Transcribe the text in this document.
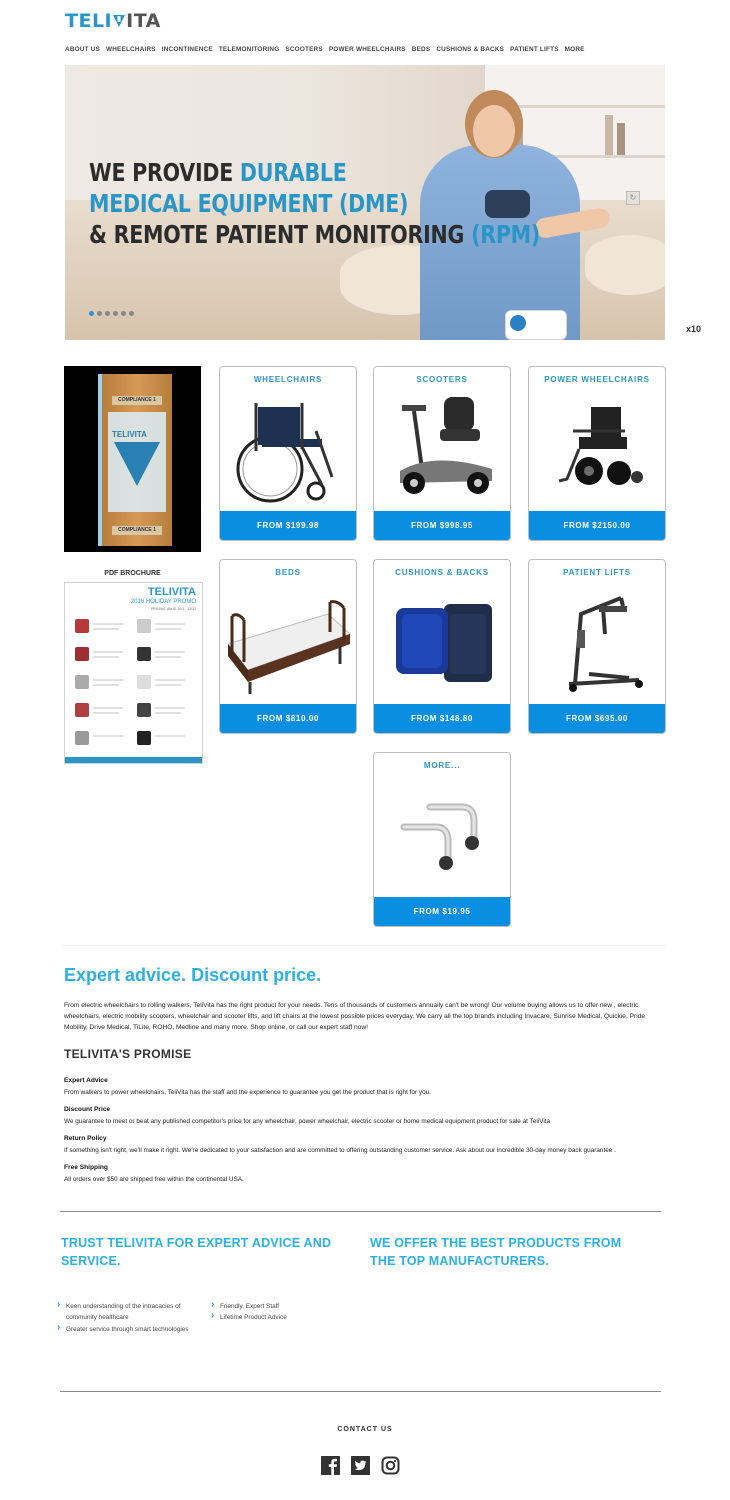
TELI ITA
ABOUT US WHEELCHAIRS INCONTINENCE TELEMONITORING SCOOTERS POWER WHEELCHAIRS BEDS CUSHIONS & BACKS PATIENT LIFTS MORE
WE PROVIDE DURABLE
MEDICAL EQUIPMENT (DME)
& REMOTE PATIENT MONITORING (RPM)
↻
x10
COMPLIANCE 1
TELIVITA
COMPLIANCE 1
PDF BROCHURE
TELIVITA
2016 HOLIDAY PROMO
PRICING VALID 10/1 - 12/31
WHEELCHAIRS
FROM $199.98
SCOOTERS
FROM $998.95
POWER WHEELCHAIRS
FROM $2150.00
BEDS
FROM $810.00
CUSHIONS & BACKS
FROM $148.80
PATIENT LIFTS
FROM $695.00
MORE...
FROM $19.95
Expert advice. Discount price.
From electric wheelchairs to rolling walkers, TeliVita has the right product for your needs. Tens of thousands of customers annually can't be wrong! Our volume buying allows us to offer new , electric wheelchairs, electric mobility scooters, wheelchair and scooter lifts, and lift chairs at the lowest possible prices everyday. We carry all the top brands including Invacare, Sunrise Medical, Quickie, Pride Mobility, Drive Medical, TiLite, ROHO, Medline and many more. Shop online, or call our expert staff now!
TELIVITA'S PROMISE
Expert Advice
From walkers to power wheelchairs, TeliVita has the staff and the experience to guarantee you get the product that is right for you.
Discount Price
We guarantee to meet or beat any published competitor's price for any wheelchair, power wheelchair, electric scooter or home medical equipment product for sale at TeliVita
Return Policy
If something isn't right, we'll make it right. We're dedicated to your satisfaction and are committed to offering outstanding customer service. Ask about our incredible 30-day money back guarantee .
Free Shipping
All orders over $50 are shipped free within the continental USA.
TRUST TELIVITA FOR EXPERT ADVICE AND SERVICE.
WE OFFER THE BEST PRODUCTS FROM THE TOP MANUFACTURERS.
› Keen understanding of the intracacies of community healthcare
› Greater service through smart technologies
› Friendly, Expert Staff
› Lifetime Product Advice
CONTACT US
